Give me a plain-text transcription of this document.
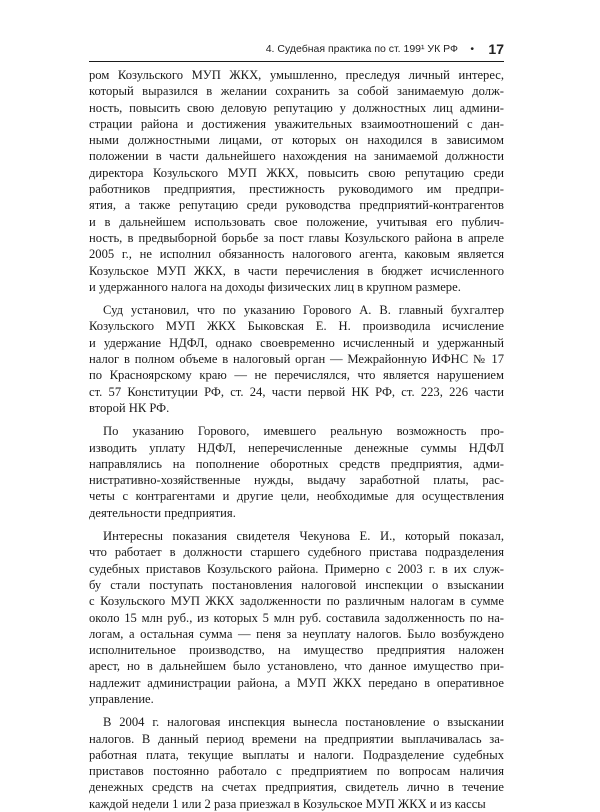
4. Судебная практика по ст. 199¹ УК РФ • 17
ром Козульского МУП ЖКХ, умышленно, преследуя личный интерес,
который выразился в желании сохранить за собой занимаемую долж-
ность, повысить свою деловую репутацию у должностных лиц админи-
страции района и достижения уважительных взаимоотношений с дан-
ными должностными лицами, от которых он находился в зависимом
положении в части дальнейшего нахождения на занимаемой должности
директора Козульского МУП ЖКХ, повысить свою репутацию среди
работников предприятия, престижность руководимого им предпри-
ятия, а также репутацию среди руководства предприятий-контрагентов
и в дальнейшем использовать свое положение, учитывая его публич-
ность, в предвыборной борьбе за пост главы Козульского района в апреле
2005 г., не исполнил обязанность налогового агента, каковым является
Козульское МУП ЖКХ, в части перечисления в бюджет исчисленного
и удержанного налога на доходы физических лиц в крупном размере.
Суд установил, что по указанию Горового А. В. главный бухгалтер
Козульского МУП ЖКХ Быковская Е. Н. производила исчисление
и удержание НДФЛ, однако своевременно исчисленный и удержанный
налог в полном объеме в налоговый орган — Межрайонную ИФНС № 17
по Красноярскому краю — не перечислялся, что является нарушением
ст. 57 Конституции РФ, ст. 24, части первой НК РФ, ст. 223, 226 части
второй НК РФ.
По указанию Горового, имевшего реальную возможность про-
изводить уплату НДФЛ, неперечисленные денежные суммы НДФЛ
направлялись на пополнение оборотных средств предприятия, адми-
нистративно-хозяйственные нужды, выдачу заработной платы, рас-
четы с контрагентами и другие цели, необходимые для осуществления
деятельности предприятия.
Интересны показания свидетеля Чекунова Е. И., который показал,
что работает в должности старшего судебного пристава подразделения
судебных приставов Козульского района. Примерно с 2003 г. в их служ-
бу стали поступать постановления налоговой инспекции о взыскании
с Козульского МУП ЖКХ задолженности по различным налогам в сумме
около 15 млн руб., из которых 5 млн руб. составила задолженность по на-
логам, а остальная сумма — пеня за неуплату налогов. Было возбуждено
исполнительное производство, на имущество предприятия наложен
арест, но в дальнейшем было установлено, что данное имущество при-
надлежит администрации района, а МУП ЖКХ передано в оперативное
управление.
В 2004 г. налоговая инспекция вынесла постановление о взыскании
налогов. В данный период времени на предприятии выплачивалась за-
работная плата, текущие выплаты и налоги. Подразделение судебных
приставов постоянно работало с предприятием по вопросам наличия
денежных средств на счетах предприятия, свидетель лично в течение
каждой недели 1 или 2 раза приезжал в Козульское МУП ЖКХ и из кассы
